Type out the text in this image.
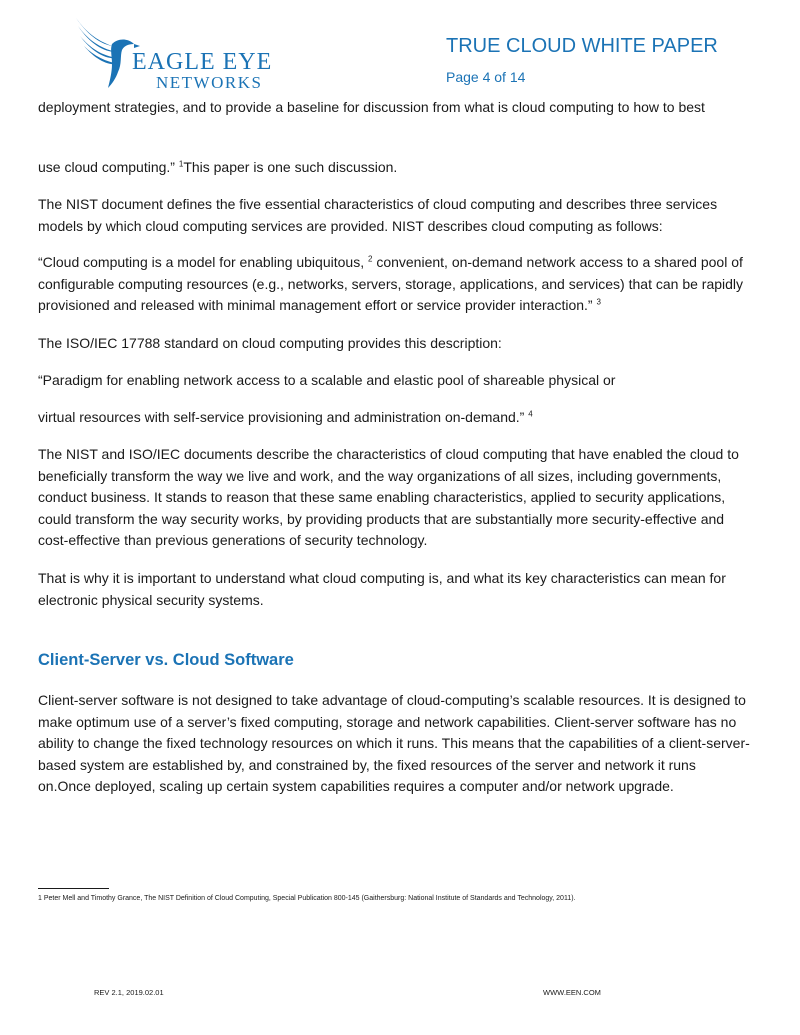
EAGLE EYE
NETWORKS
TRUE CLOUD WHITE PAPER
Page 4 of 14

deployment strategies, and to provide a baseline for discussion from what is cloud computing to how to best

use cloud computing.” $^1$This paper is one such discussion.

The NIST document defines the five essential characteristics of cloud computing and describes three services models by which cloud computing services are provided. NIST describes cloud computing as follows:

“Cloud computing is a model for enabling ubiquitous, $^2$ convenient, on-demand network access to a shared pool of configurable computing resources (e.g., networks, servers, storage, applications, and services) that can be rapidly provisioned and released with minimal management effort or service provider interaction.” $^3$

The ISO/IEC 17788 standard on cloud computing provides this description:

“Paradigm for enabling network access to a scalable and elastic pool of shareable physical or

virtual resources with self-service provisioning and administration on-demand.” $^4$

The NIST and ISO/IEC documents describe the characteristics of cloud computing that have enabled the cloud to beneficially transform the way we live and work, and the way organizations of all sizes, including governments, conduct business. It stands to reason that these same enabling characteristics, applied to security applications, could transform the way security works, by providing products that are substantially more security-effective and cost-effective than previous generations of security technology.

That is why it is important to understand what cloud computing is, and what its key characteristics can mean for electronic physical security systems.

Client-Server vs. Cloud Software

Client-server software is not designed to take advantage of cloud-computing’s scalable resources. It is designed to make optimum use of a server’s fixed computing, storage and network capabilities. Client-server software has no ability to change the fixed technology resources on which it runs. This means that the capabilities of a client-server-based system are established by, and constrained by, the fixed resources of the server and network it runs on.Once deployed, scaling up certain system capabilities requires a computer and/or network upgrade.

1 Peter Mell and Timothy Grance, The NIST Definition of Cloud Computing, Special Publication 800-145 (Gaithersburg: National Institute of Standards and Technology, 2011).
REV 2.1, 2019.02.01	WWW.EEN.COM
